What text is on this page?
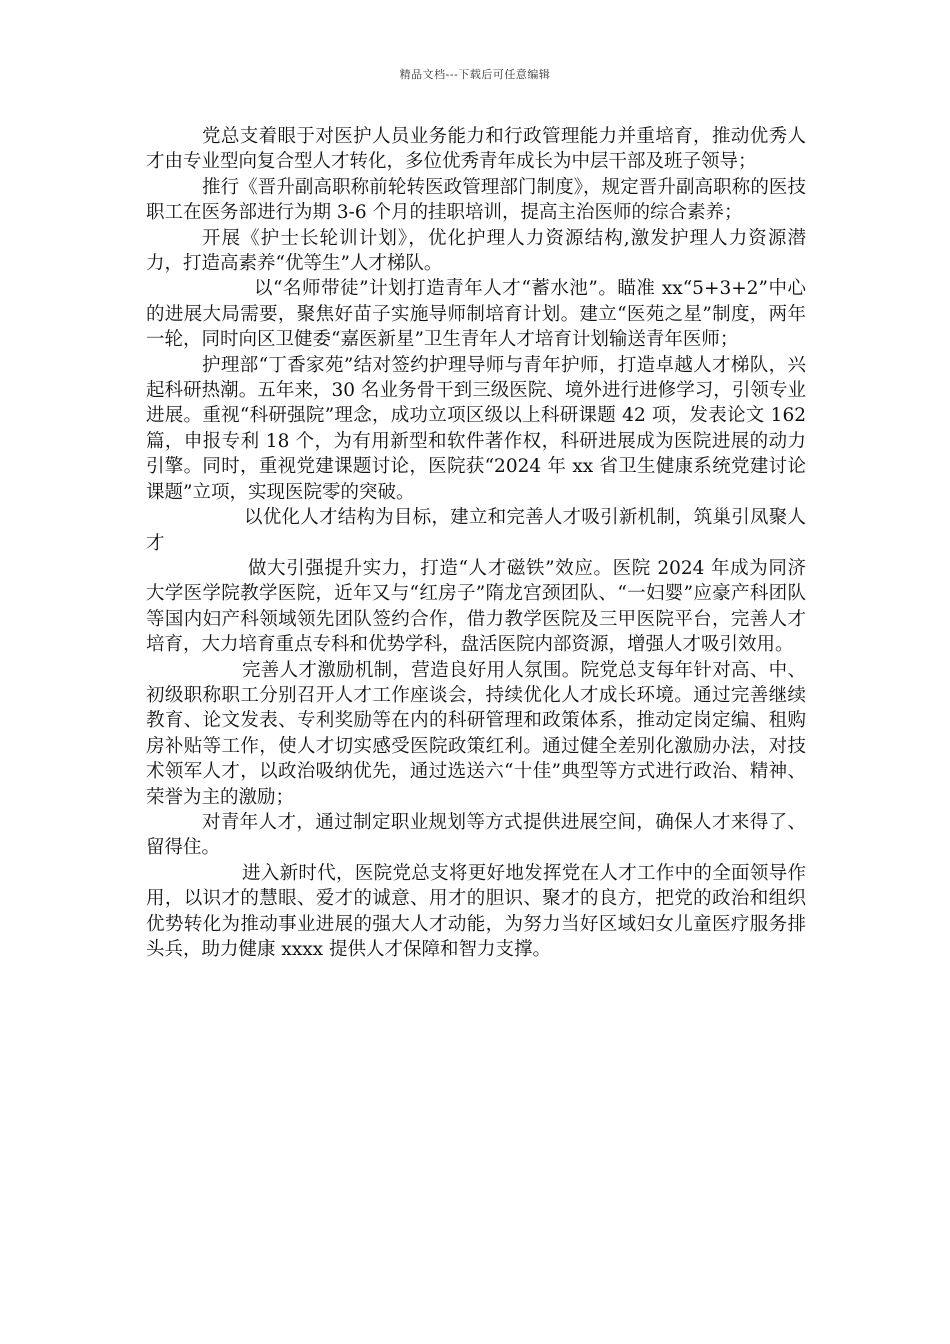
精品文档---下载后可任意编辑

党总支着眼于对医护人员业务能力和行政管理能力并重培育，推动优秀人才由专业型向复合型人才转化，多位优秀青年成长为中层干部及班子领导；

推行《晋升副高职称前轮转医政管理部门制度》，规定晋升副高职称的医技职工在医务部进行为期 3-6 个月的挂职培训，提高主治医师的综合素养；

开展《护士长轮训计划》，优化护理人力资源结构,激发护理人力资源潜力，打造高素养“优等生”人才梯队。

以“名师带徒”计划打造青年人才“蓄水池”。瞄准 xx“5+3+2”中心的进展大局需要，聚焦好苗子实施导师制培育计划。建立“医苑之星”制度，两年一轮，同时向区卫健委“嘉医新星”卫生青年人才培育计划输送青年医师；

护理部“丁香家苑”结对签约护理导师与青年护师，打造卓越人才梯队，兴起科研热潮。五年来，30 名业务骨干到三级医院、境外进行进修学习，引领专业进展。重视“科研强院”理念，成功立项区级以上科研课题 42 项，发表论文 162 篇，申报专利 18 个，为有用新型和软件著作权，科研进展成为医院进展的动力引擎。同时，重视党建课题讨论，医院获“2024 年 xx 省卫生健康系统党建讨论课题”立项，实现医院零的突破。

以优化人才结构为目标，建立和完善人才吸引新机制，筑巢引凤聚人才

做大引强提升实力，打造“人才磁铁”效应。医院 2024 年成为同济大学医学院教学医院，近年又与“红房子”隋龙宫颈团队、“一妇婴”应豪产科团队等国内妇产科领域领先团队签约合作，借力教学医院及三甲医院平台，完善人才培育，大力培育重点专科和优势学科，盘活医院内部资源，增强人才吸引效用。

完善人才激励机制，营造良好用人氛围。院党总支每年针对高、中、初级职称职工分别召开人才工作座谈会，持续优化人才成长环境。通过完善继续教育、论文发表、专利奖励等在内的科研管理和政策体系，推动定岗定编、租购房补贴等工作，使人才切实感受医院政策红利。通过健全差别化激励办法，对技术领军人才，以政治吸纳优先，通过选送六“十佳”典型等方式进行政治、精神、荣誉为主的激励；

对青年人才，通过制定职业规划等方式提供进展空间，确保人才来得了、留得住。

进入新时代，医院党总支将更好地发挥党在人才工作中的全面领导作用，以识才的慧眼、爱才的诚意、用才的胆识、聚才的良方，把党的政治和组织优势转化为推动事业进展的强大人才动能，为努力当好区域妇女儿童医疗服务排头兵，助力健康 xxxx 提供人才保障和智力支撑。
